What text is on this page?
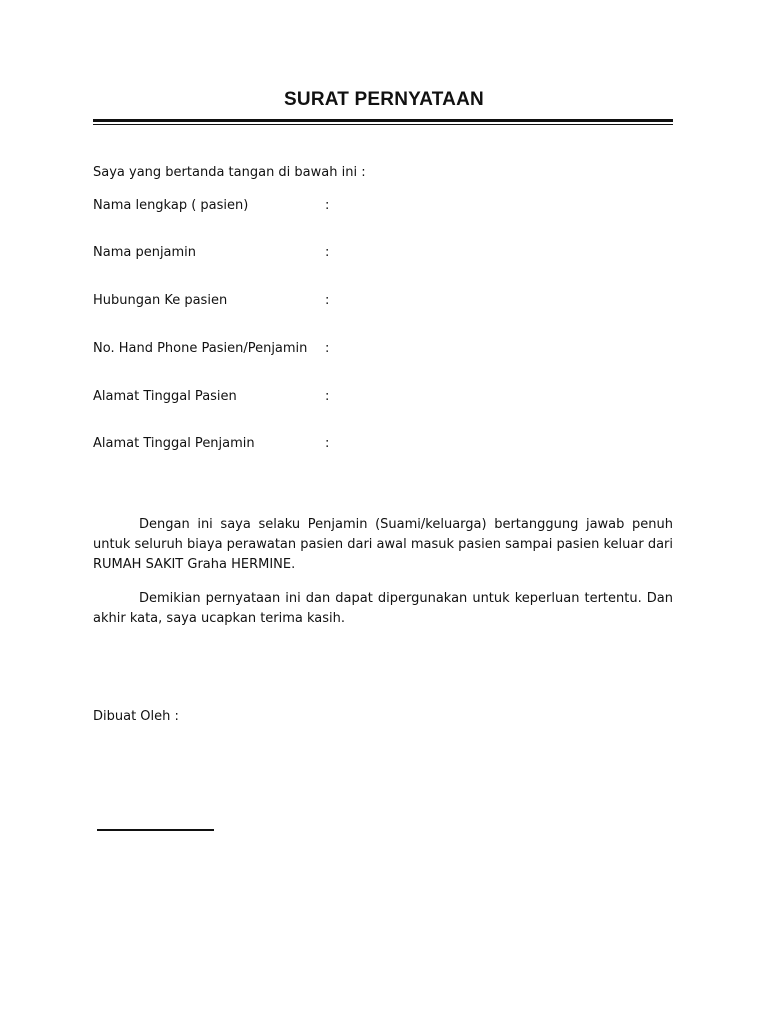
SURAT PERNYATAAN
Saya yang bertanda tangan di bawah ini :
Nama lengkap ( pasien)	:
Nama penjamin	:
Hubungan Ke pasien	:
No. Hand Phone Pasien/Penjamin :
Alamat Tinggal Pasien	:
Alamat Tinggal Penjamin	:
Dengan ini saya selaku Penjamin (Suami/keluarga) bertanggung jawab penuh untuk seluruh biaya perawatan pasien dari awal masuk pasien sampai pasien keluar dari RUMAH SAKIT Graha HERMINE.
Demikian pernyataan ini dan dapat dipergunakan untuk keperluan tertentu. Dan akhir kata, saya ucapkan terima kasih.
Dibuat Oleh :
